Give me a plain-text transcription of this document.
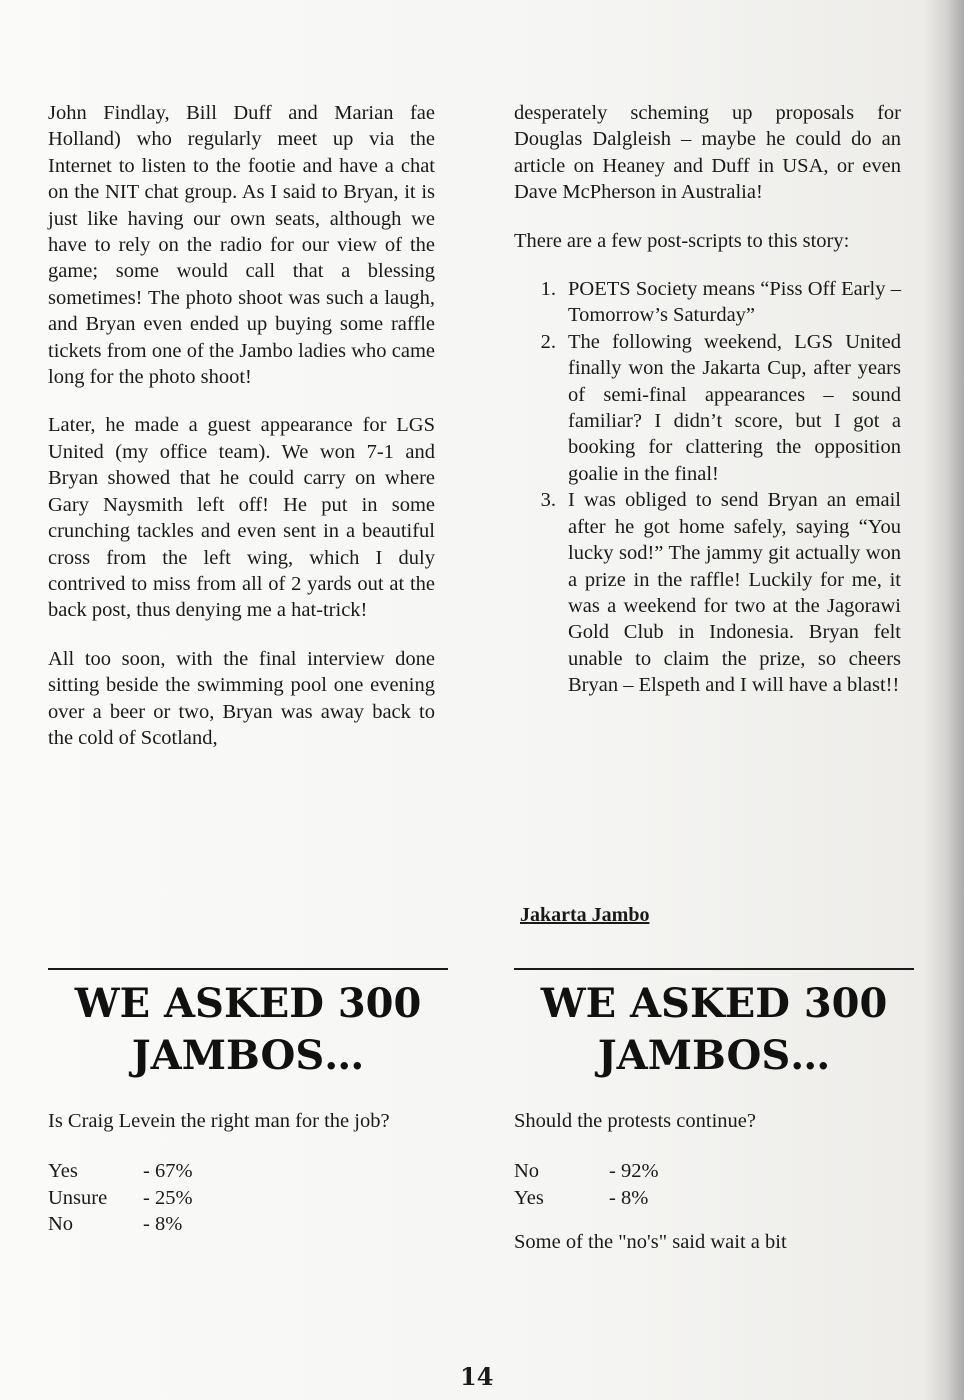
John Findlay, Bill Duff and Marian fae Holland) who regularly meet up via the Internet to listen to the footie and have a chat on the NIT chat group. As I said to Bryan, it is just like having our own seats, although we have to rely on the radio for our view of the game; some would call that a blessing sometimes! The photo shoot was such a laugh, and Bryan even ended up buying some raffle tickets from one of the Jambo ladies who came long for the photo shoot!

Later, he made a guest appearance for LGS United (my office team). We won 7-1 and Bryan showed that he could carry on where Gary Naysmith left off! He put in some crunching tackles and even sent in a beautiful cross from the left wing, which I duly contrived to miss from all of 2 yards out at the back post, thus denying me a hat-trick!

All too soon, with the final interview done sitting beside the swimming pool one evening over a beer or two, Bryan was away back to the cold of Scotland,

desperately scheming up proposals for Douglas Dalgleish – maybe he could do an article on Heaney and Duff in USA, or even Dave McPherson in Australia!

There are a few post-scripts to this story:

1. POETS Society means “Piss Off Early – Tomorrow’s Saturday”
2. The following weekend, LGS United finally won the Jakarta Cup, after years of semi-final appearances – sound familiar? I didn’t score, but I got a booking for clattering the opposition goalie in the final!
3. I was obliged to send Bryan an email after he got home safely, saying “You lucky sod!” The jammy git actually won a prize in the raffle! Luckily for me, it was a weekend for two at the Jagorawi Gold Club in Indonesia. Bryan felt unable to claim the prize, so cheers Bryan – Elspeth and I will have a blast!!
Jakarta Jambo
WE ASKED 300
JAMBOS…
Is Craig Levein the right man for the job?
Yes	- 67%
Unsure	- 25%
No	- 8%
WE ASKED 300
JAMBOS…
Should the protests continue?
No	- 92%
Yes	- 8%
Some of the "no's" said wait a bit
14
